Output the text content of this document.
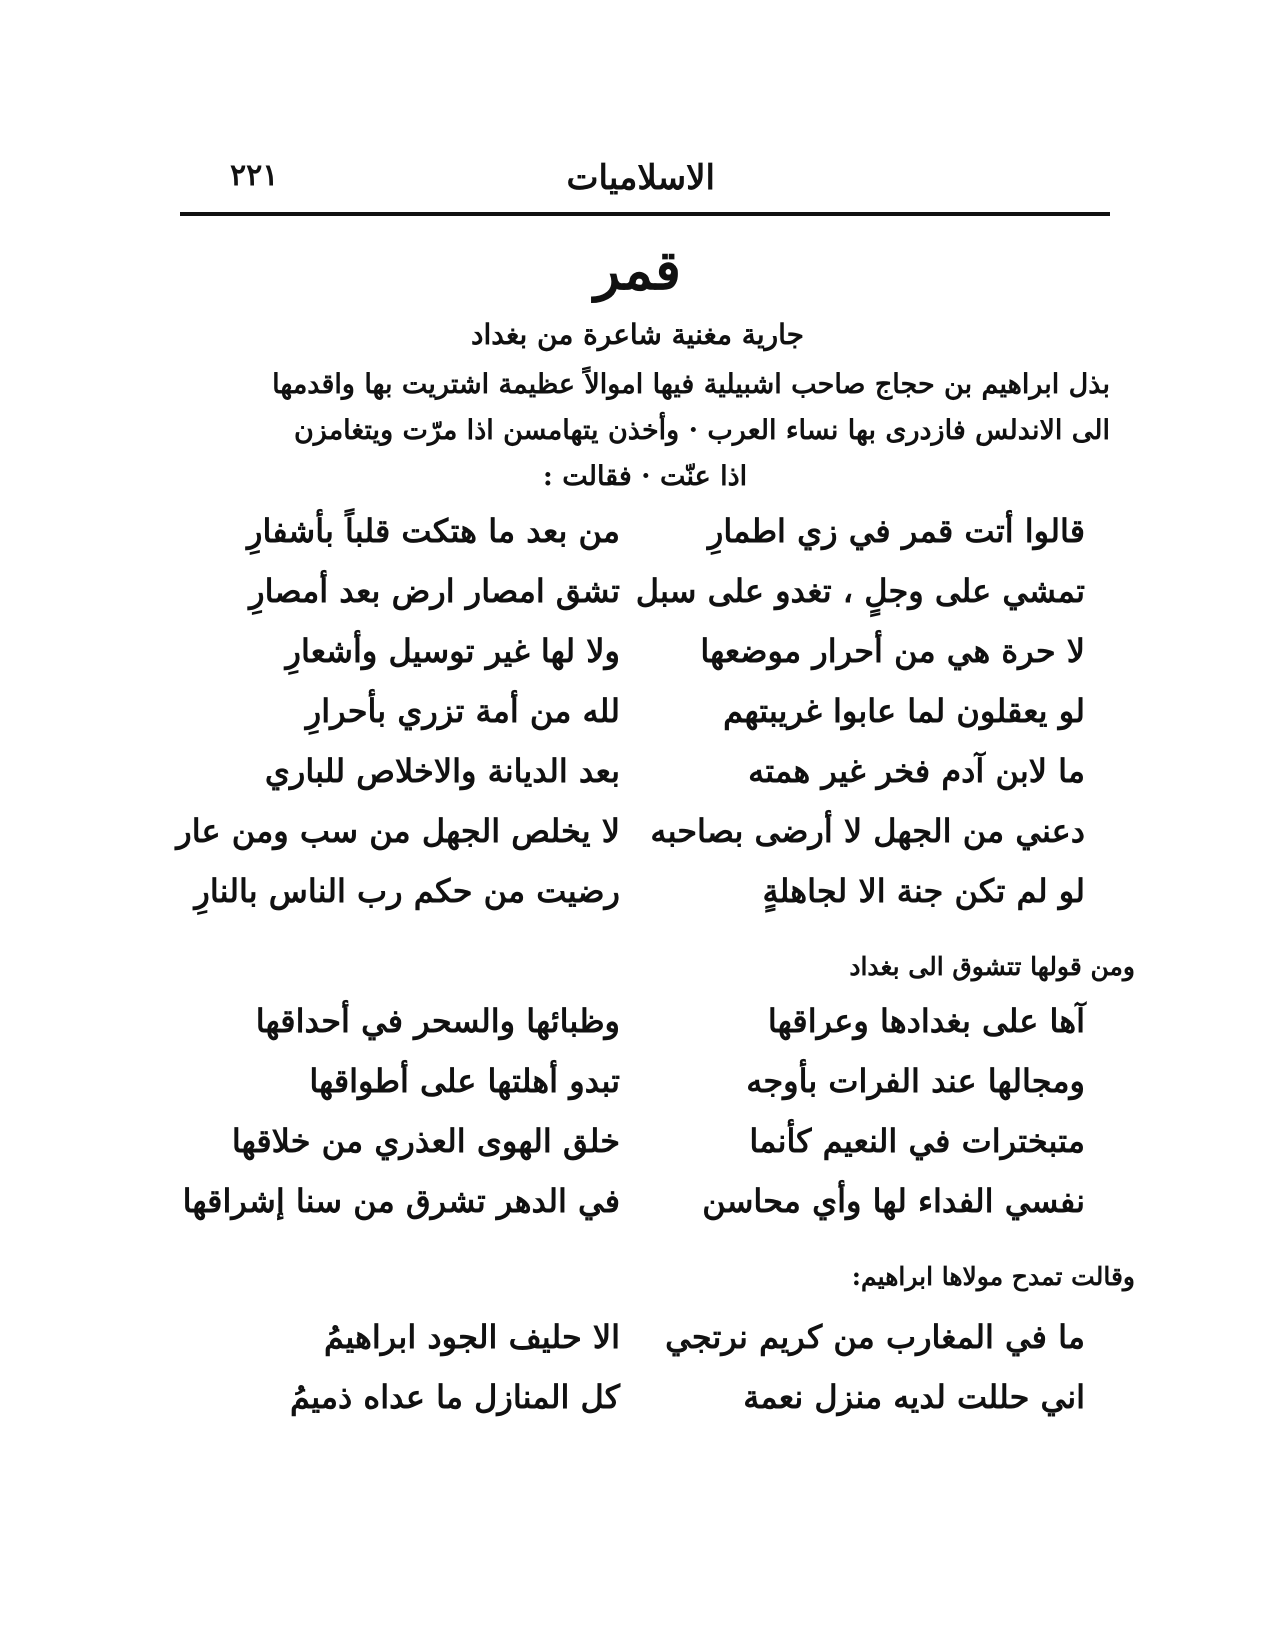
الاسلاميات
٢٢١
قمر
جارية مغنية شاعرة من بغداد

بذل ابراهيم بن حجاج صاحب اشبيلية فيها اموالاً عظيمة اشتريت بها واقدمها

الى الاندلس فازدرى بها نساء العرب · وأخذن يتهامسن اذا مرّت ويتغامزن

اذا عنّت · فقالت :

قالوا أتت قمر في زي اطمارِ
من بعد ما هتكت قلباً بأشفارِ
تمشي على وجلٍ ، تغدو على سبل
تشق امصار ارض بعد أمصارِ
لا حرة هي من أحرار موضعها
ولا لها غير توسيل وأشعارِ
لو يعقلون لما عابوا غريبتهم
لله من أمة تزري بأحرارِ
ما لابن آدم فخر غير همته
بعد الديانة والاخلاص للباري
دعني من الجهل لا أرضى بصاحبه
لا يخلص الجهل من سب ومن عار
لو لم تكن جنة الا لجاهلةٍ
رضيت من حكم رب الناس بالنارِ
ومن قولها تتشوق الى بغداد
آها على بغدادها وعراقها
وظبائها والسحر في أحداقها
ومجالها عند الفرات بأوجه
تبدو أهلتها على أطواقها
متبخترات في النعيم كأنما
خلق الهوى العذري من خلاقها
نفسي الفداء لها وأي محاسن
في الدهر تشرق من سنا إشراقها
وقالت تمدح مولاها ابراهيم:
ما في المغارب من كريم نرتجي
الا حليف الجود ابراهيمُ
اني حللت لديه منزل نعمة
كل المنازل ما عداه ذميمُ
